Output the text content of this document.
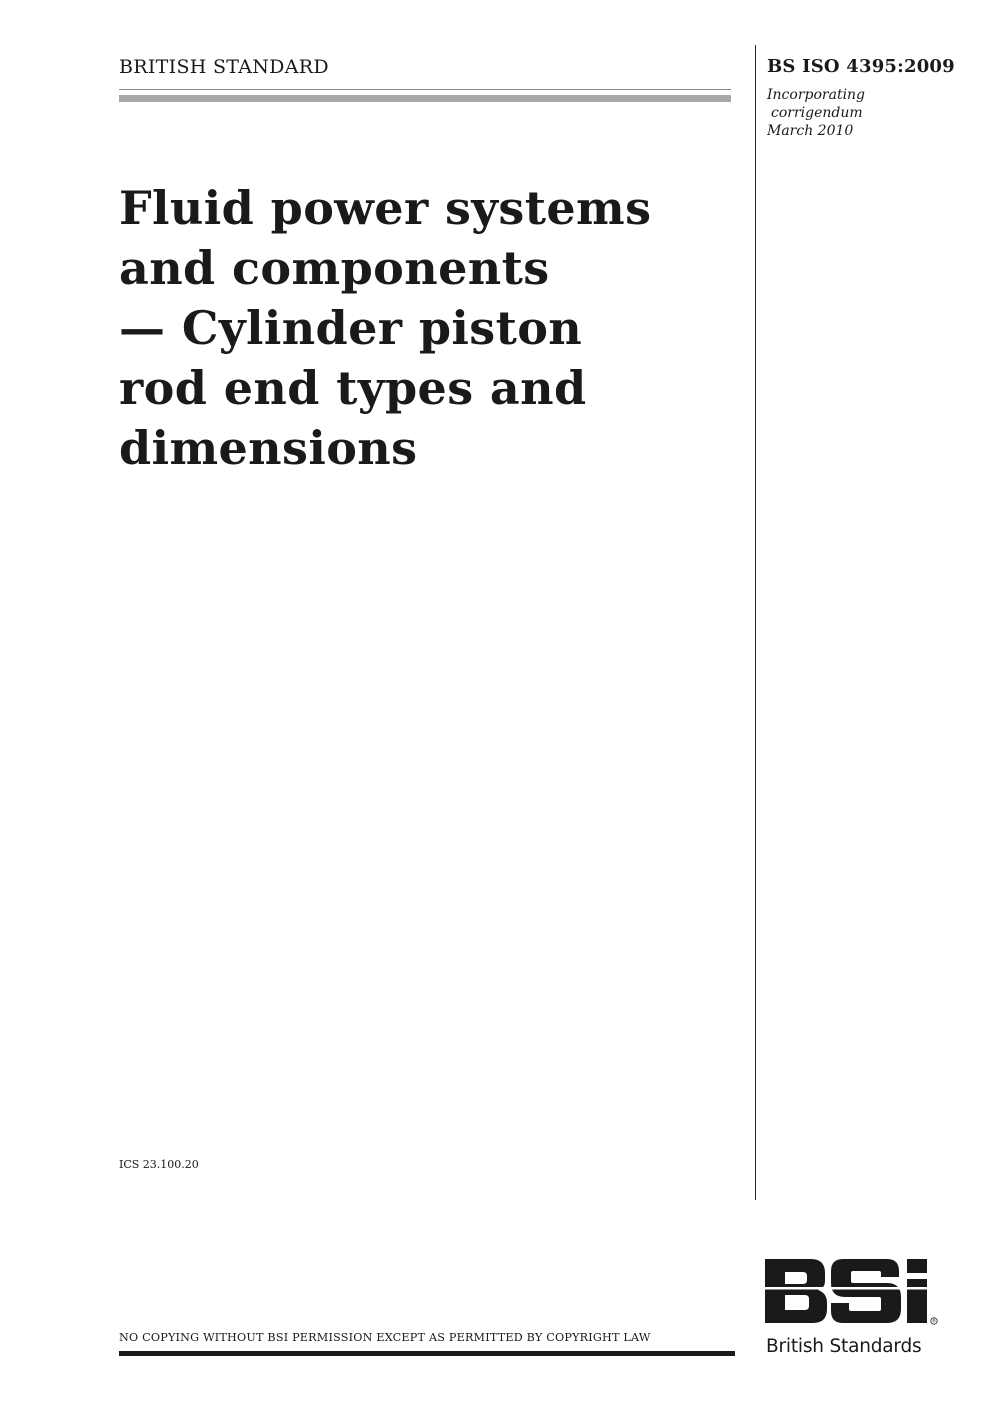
BRITISH STANDARD	BS ISO 4395:2009
Incorporating
corrigendum
March 2010
Fluid power systems
and components
— Cylinder piston
rod end types and
dimensions
ICS 23.100.20
NO COPYING WITHOUT BSI PERMISSION EXCEPT AS PERMITTED BY COPYRIGHT LAW
®
British Standards
